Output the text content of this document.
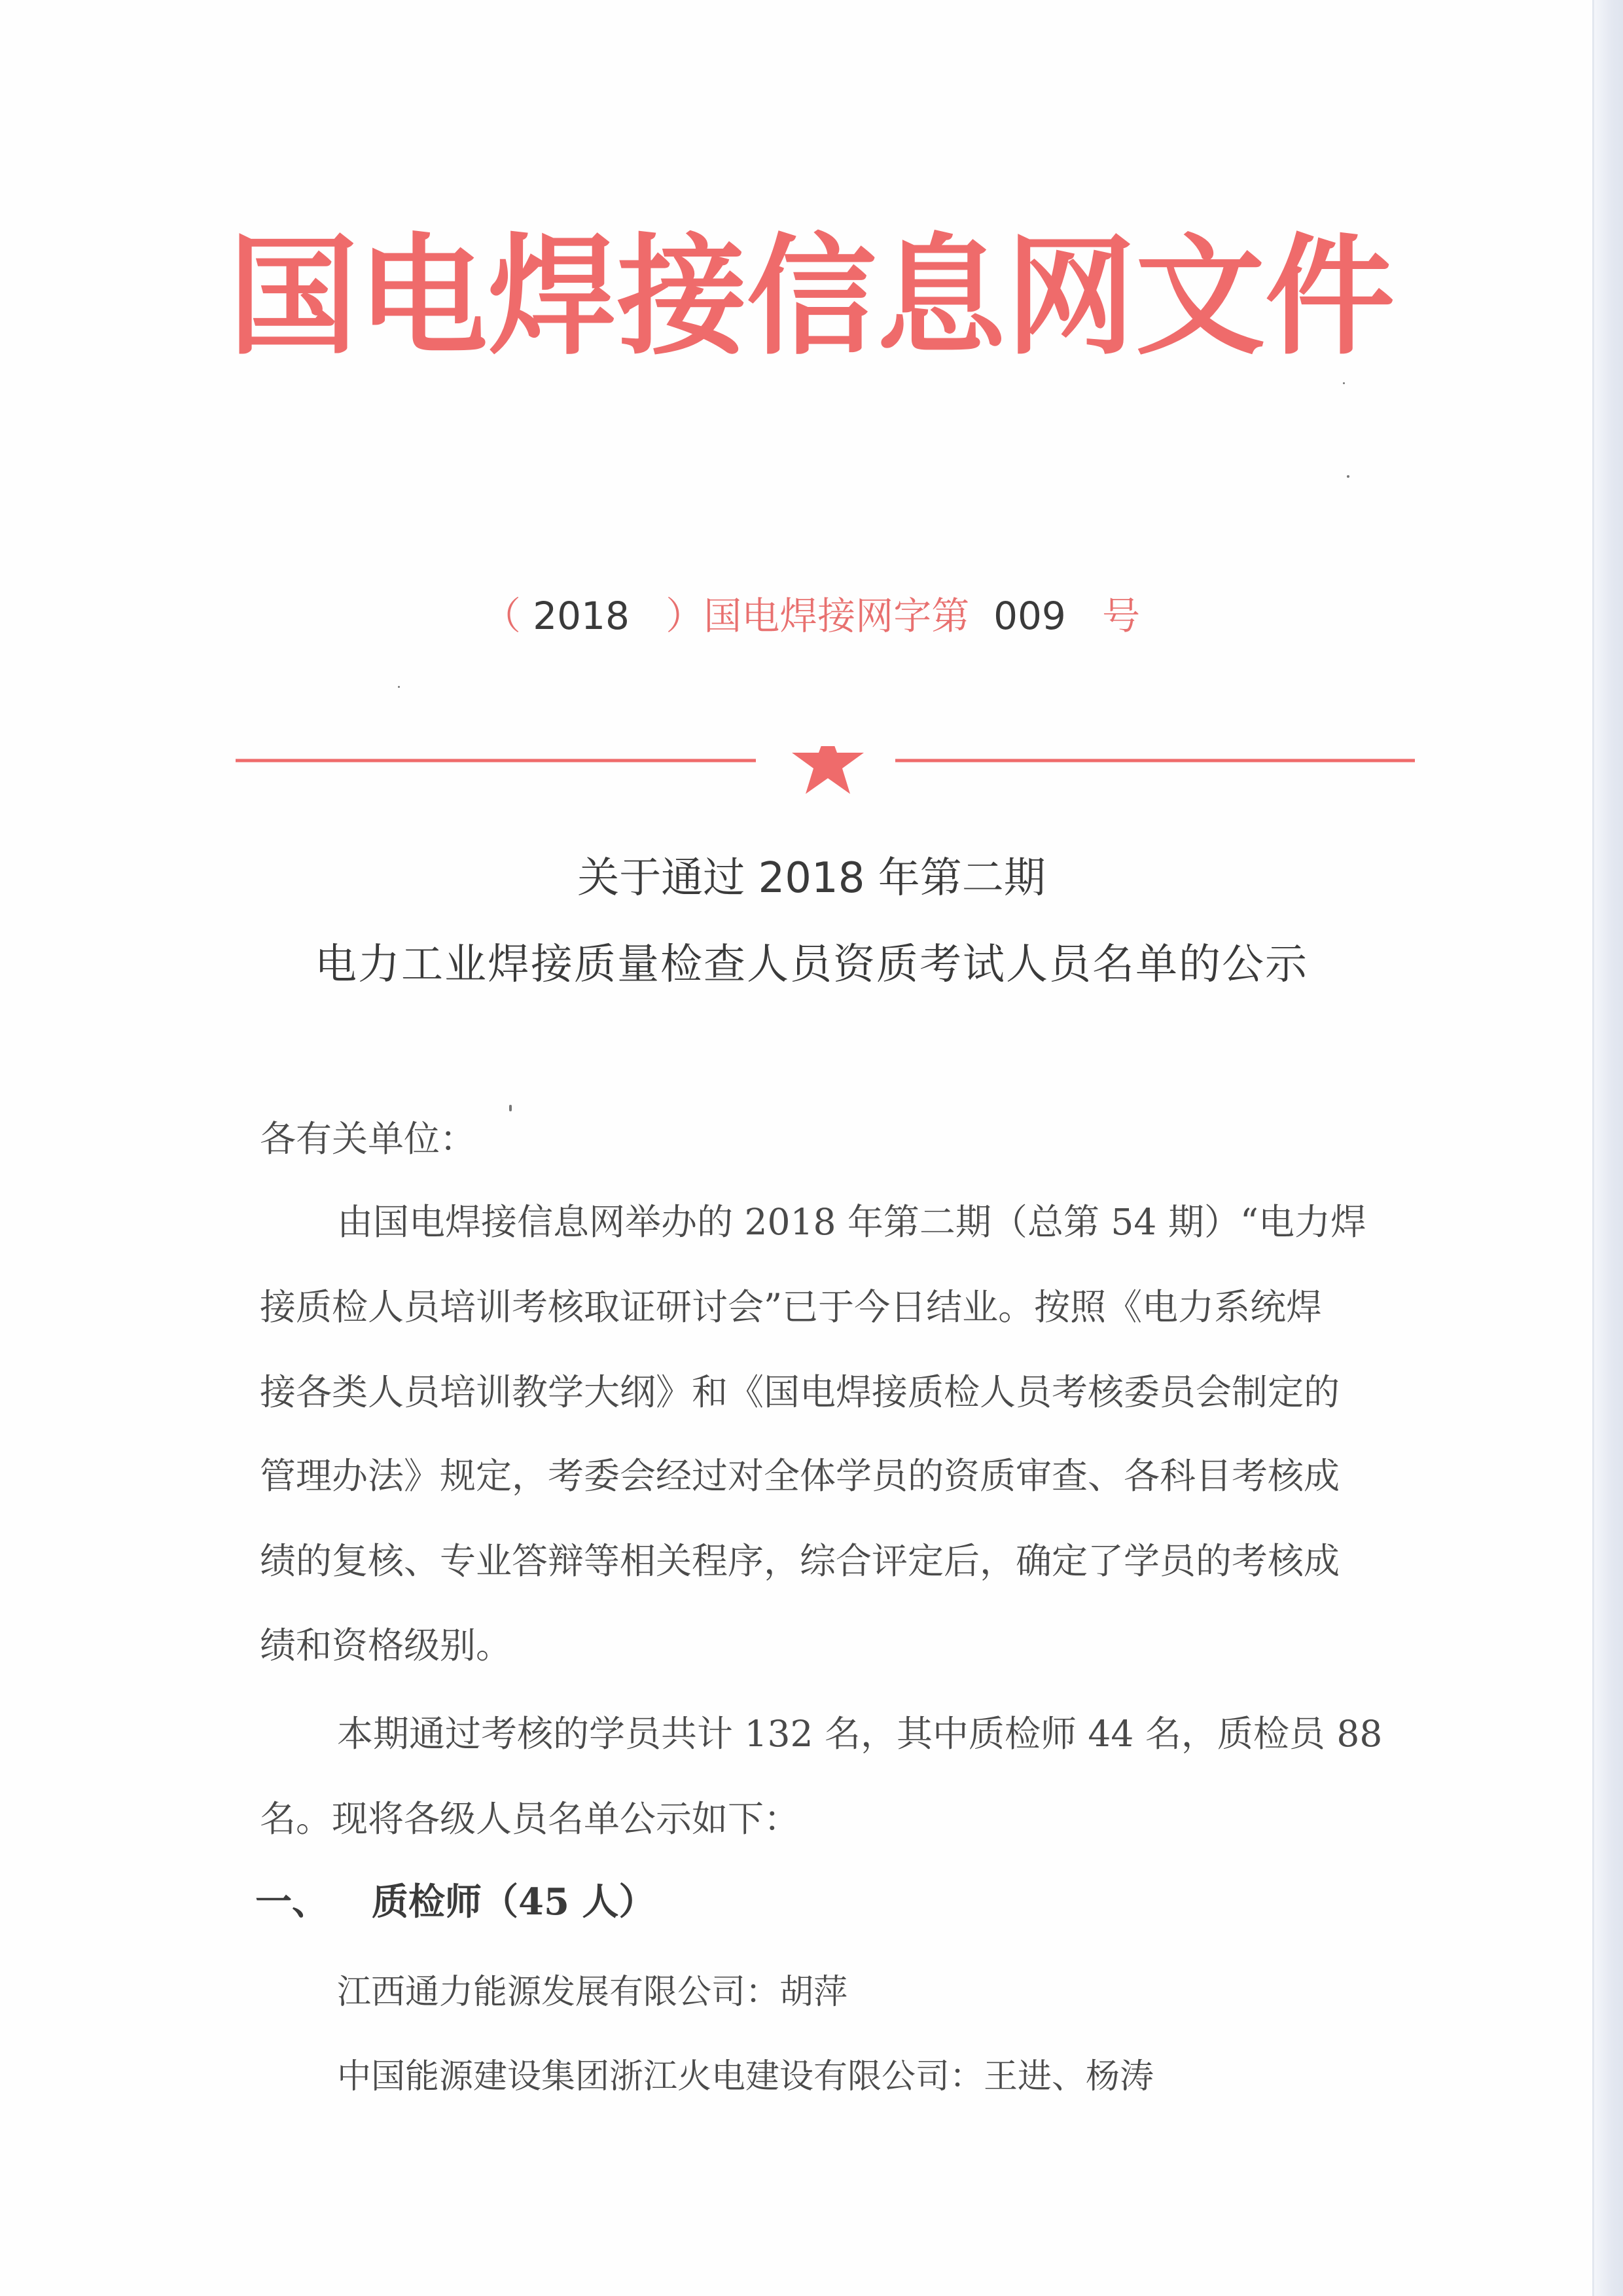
国电焊接信息网文件
（ 2018 ）国电焊接网字第 009 号
关于通过 2018 年第二期
电力工业焊接质量检查人员资质考试人员名单的公示
各有关单位：
由国电焊接信息网举办的 2018 年第二期（总第 54 期）“电力焊
接质检人员培训考核取证研讨会”已于今日结业。按照《电力系统焊
接各类人员培训教学大纲》和《国电焊接质检人员考核委员会制定的
管理办法》规定，考委会经过对全体学员的资质审查、各科目考核成
绩的复核、专业答辩等相关程序，综合评定后，确定了学员的考核成
绩和资格级别。
本期通过考核的学员共计 132 名，其中质检师 44 名，质检员 88
名。现将各级人员名单公示如下：
一、 质检师（45 人）
江西通力能源发展有限公司：胡萍
中国能源建设集团浙江火电建设有限公司：王进、杨涛
